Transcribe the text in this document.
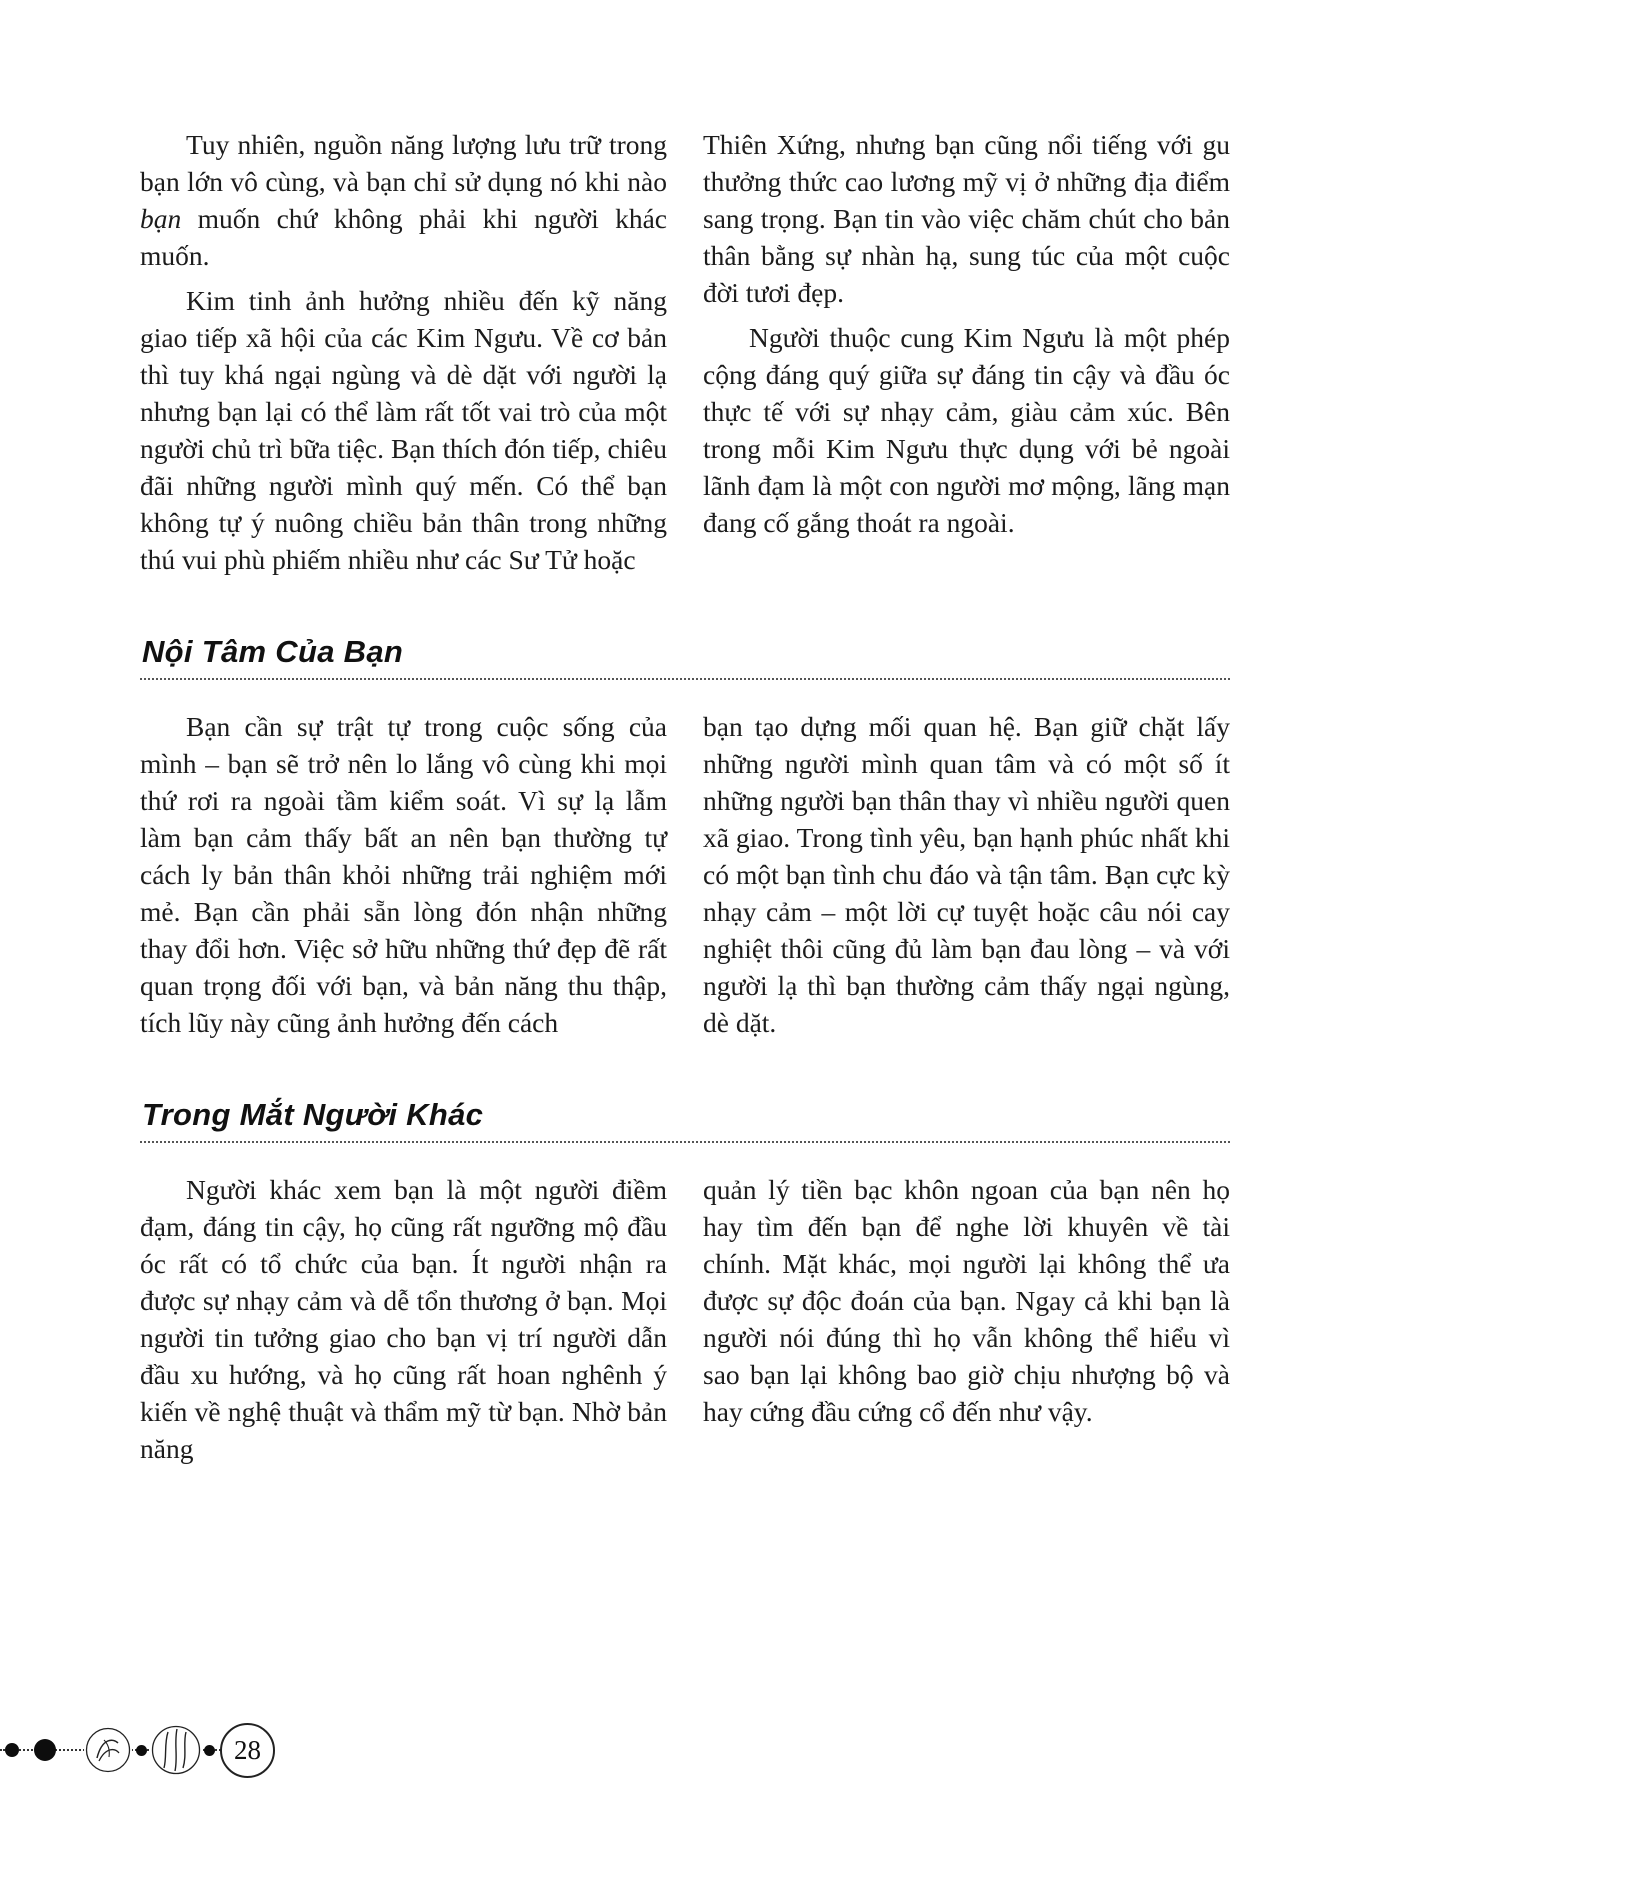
Tuy nhiên, nguồn năng lượng lưu trữ trong bạn lớn vô cùng, và bạn chỉ sử dụng nó khi nào bạn muốn chứ không phải khi người khác muốn.

Kim tinh ảnh hưởng nhiều đến kỹ năng giao tiếp xã hội của các Kim Ngưu. Về cơ bản thì tuy khá ngại ngùng và dè dặt với người lạ nhưng bạn lại có thể làm rất tốt vai trò của một người chủ trì bữa tiệc. Bạn thích đón tiếp, chiêu đãi những người mình quý mến. Có thể bạn không tự ý nuông chiều bản thân trong những thú vui phù phiếm nhiều như các Sư Tử hoặc

Thiên Xứng, nhưng bạn cũng nổi tiếng với gu thưởng thức cao lương mỹ vị ở những địa điểm sang trọng. Bạn tin vào việc chăm chút cho bản thân bằng sự nhàn hạ, sung túc của một cuộc đời tươi đẹp.

Người thuộc cung Kim Ngưu là một phép cộng đáng quý giữa sự đáng tin cậy và đầu óc thực tế với sự nhạy cảm, giàu cảm xúc. Bên trong mỗi Kim Ngưu thực dụng với bẻ ngoài lãnh đạm là một con người mơ mộng, lãng mạn đang cố gắng thoát ra ngoài.

Nội Tâm Của Bạn

Bạn cần sự trật tự trong cuộc sống của mình – bạn sẽ trở nên lo lắng vô cùng khi mọi thứ rơi ra ngoài tầm kiểm soát. Vì sự lạ lẫm làm bạn cảm thấy bất an nên bạn thường tự cách ly bản thân khỏi những trải nghiệm mới mẻ. Bạn cần phải sẵn lòng đón nhận những thay đổi hơn. Việc sở hữu những thứ đẹp đẽ rất quan trọng đối với bạn, và bản năng thu thập, tích lũy này cũng ảnh hưởng đến cách

bạn tạo dựng mối quan hệ. Bạn giữ chặt lấy những người mình quan tâm và có một số ít những người bạn thân thay vì nhiều người quen xã giao. Trong tình yêu, bạn hạnh phúc nhất khi có một bạn tình chu đáo và tận tâm. Bạn cực kỳ nhạy cảm – một lời cự tuyệt hoặc câu nói cay nghiệt thôi cũng đủ làm bạn đau lòng – và với người lạ thì bạn thường cảm thấy ngại ngùng, dè dặt.

Trong Mắt Người Khác

Người khác xem bạn là một người điềm đạm, đáng tin cậy, họ cũng rất ngưỡng mộ đầu óc rất có tổ chức của bạn. Ít người nhận ra được sự nhạy cảm và dễ tổn thương ở bạn. Mọi người tin tưởng giao cho bạn vị trí người dẫn đầu xu hướng, và họ cũng rất hoan nghênh ý kiến về nghệ thuật và thẩm mỹ từ bạn. Nhờ bản năng

quản lý tiền bạc khôn ngoan của bạn nên họ hay tìm đến bạn để nghe lời khuyên về tài chính. Mặt khác, mọi người lại không thể ưa được sự độc đoán của bạn. Ngay cả khi bạn là người nói đúng thì họ vẫn không thể hiểu vì sao bạn lại không bao giờ chịu nhượng bộ và hay cứng đầu cứng cổ đến như vậy.

28
